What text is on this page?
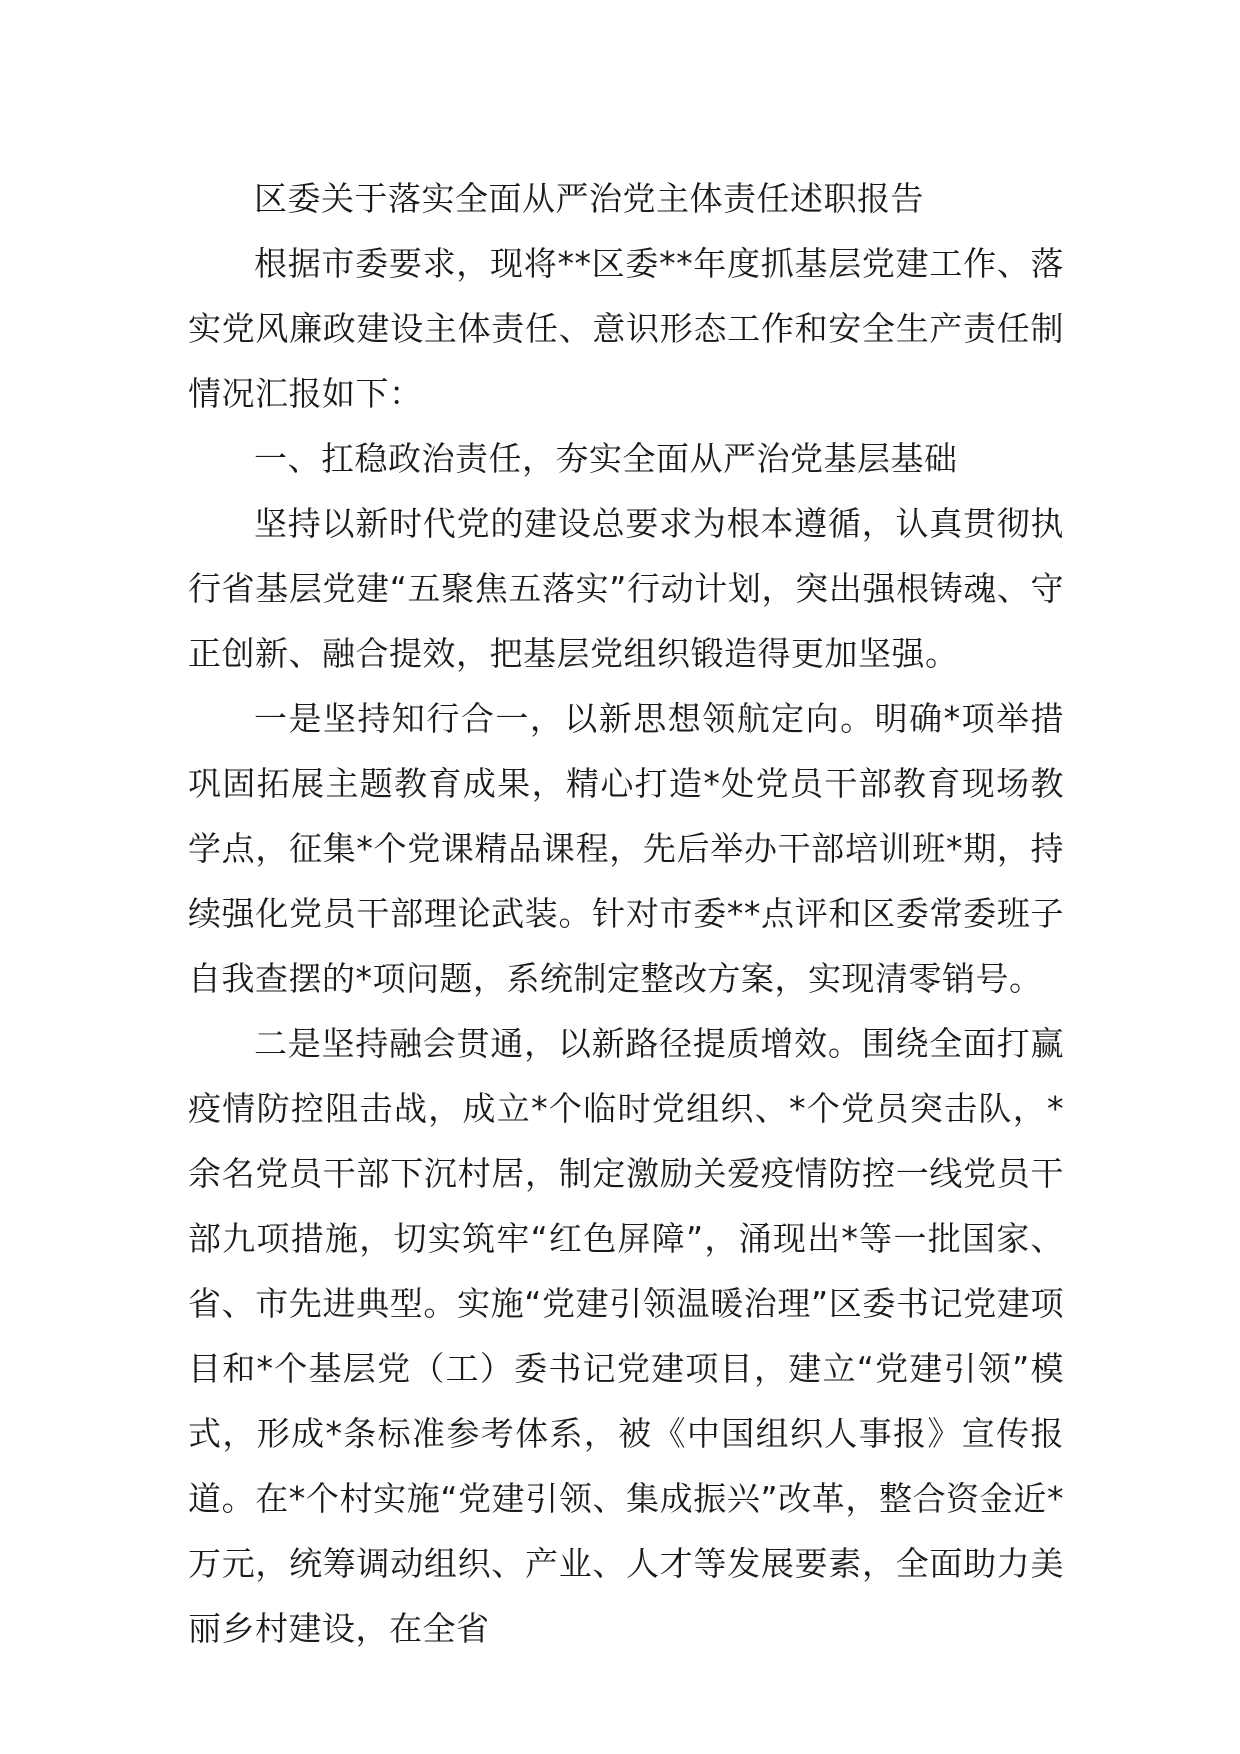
区委关于落实全面从严治党主体责任述职报告

根据市委要求，现将**区委**年度抓基层党建工作、落实党风廉政建设主体责任、意识形态工作和安全生产责任制情况汇报如下：

一、扛稳政治责任，夯实全面从严治党基层基础

坚持以新时代党的建设总要求为根本遵循，认真贯彻执行省基层党建“五聚焦五落实”行动计划，突出强根铸魂、守正创新、融合提效，把基层党组织锻造得更加坚强。

一是坚持知行合一，以新思想领航定向。明确*项举措巩固拓展主题教育成果，精心打造*处党员干部教育现场教学点，征集*个党课精品课程，先后举办干部培训班*期，持续强化党员干部理论武装。针对市委**点评和区委常委班子自我查摆的*项问题，系统制定整改方案，实现清零销号。

二是坚持融会贯通，以新路径提质增效。围绕全面打赢疫情防控阻击战，成立*个临时党组织、*个党员突击队，*余名党员干部下沉村居，制定激励关爱疫情防控一线党员干部九项措施，切实筑牢“红色屏障”，涌现出*等一批国家、省、市先进典型。实施“党建引领温暖治理”区委书记党建项目和*个基层党（工）委书记党建项目，建立“党建引领”模式，形成*条标准参考体系，被《中国组织人事报》宣传报道。在*个村实施“党建引领、集成振兴”改革，整合资金近*万元，统筹调动组织、产业、人才等发展要素，全面助力美丽乡村建设，在全省
